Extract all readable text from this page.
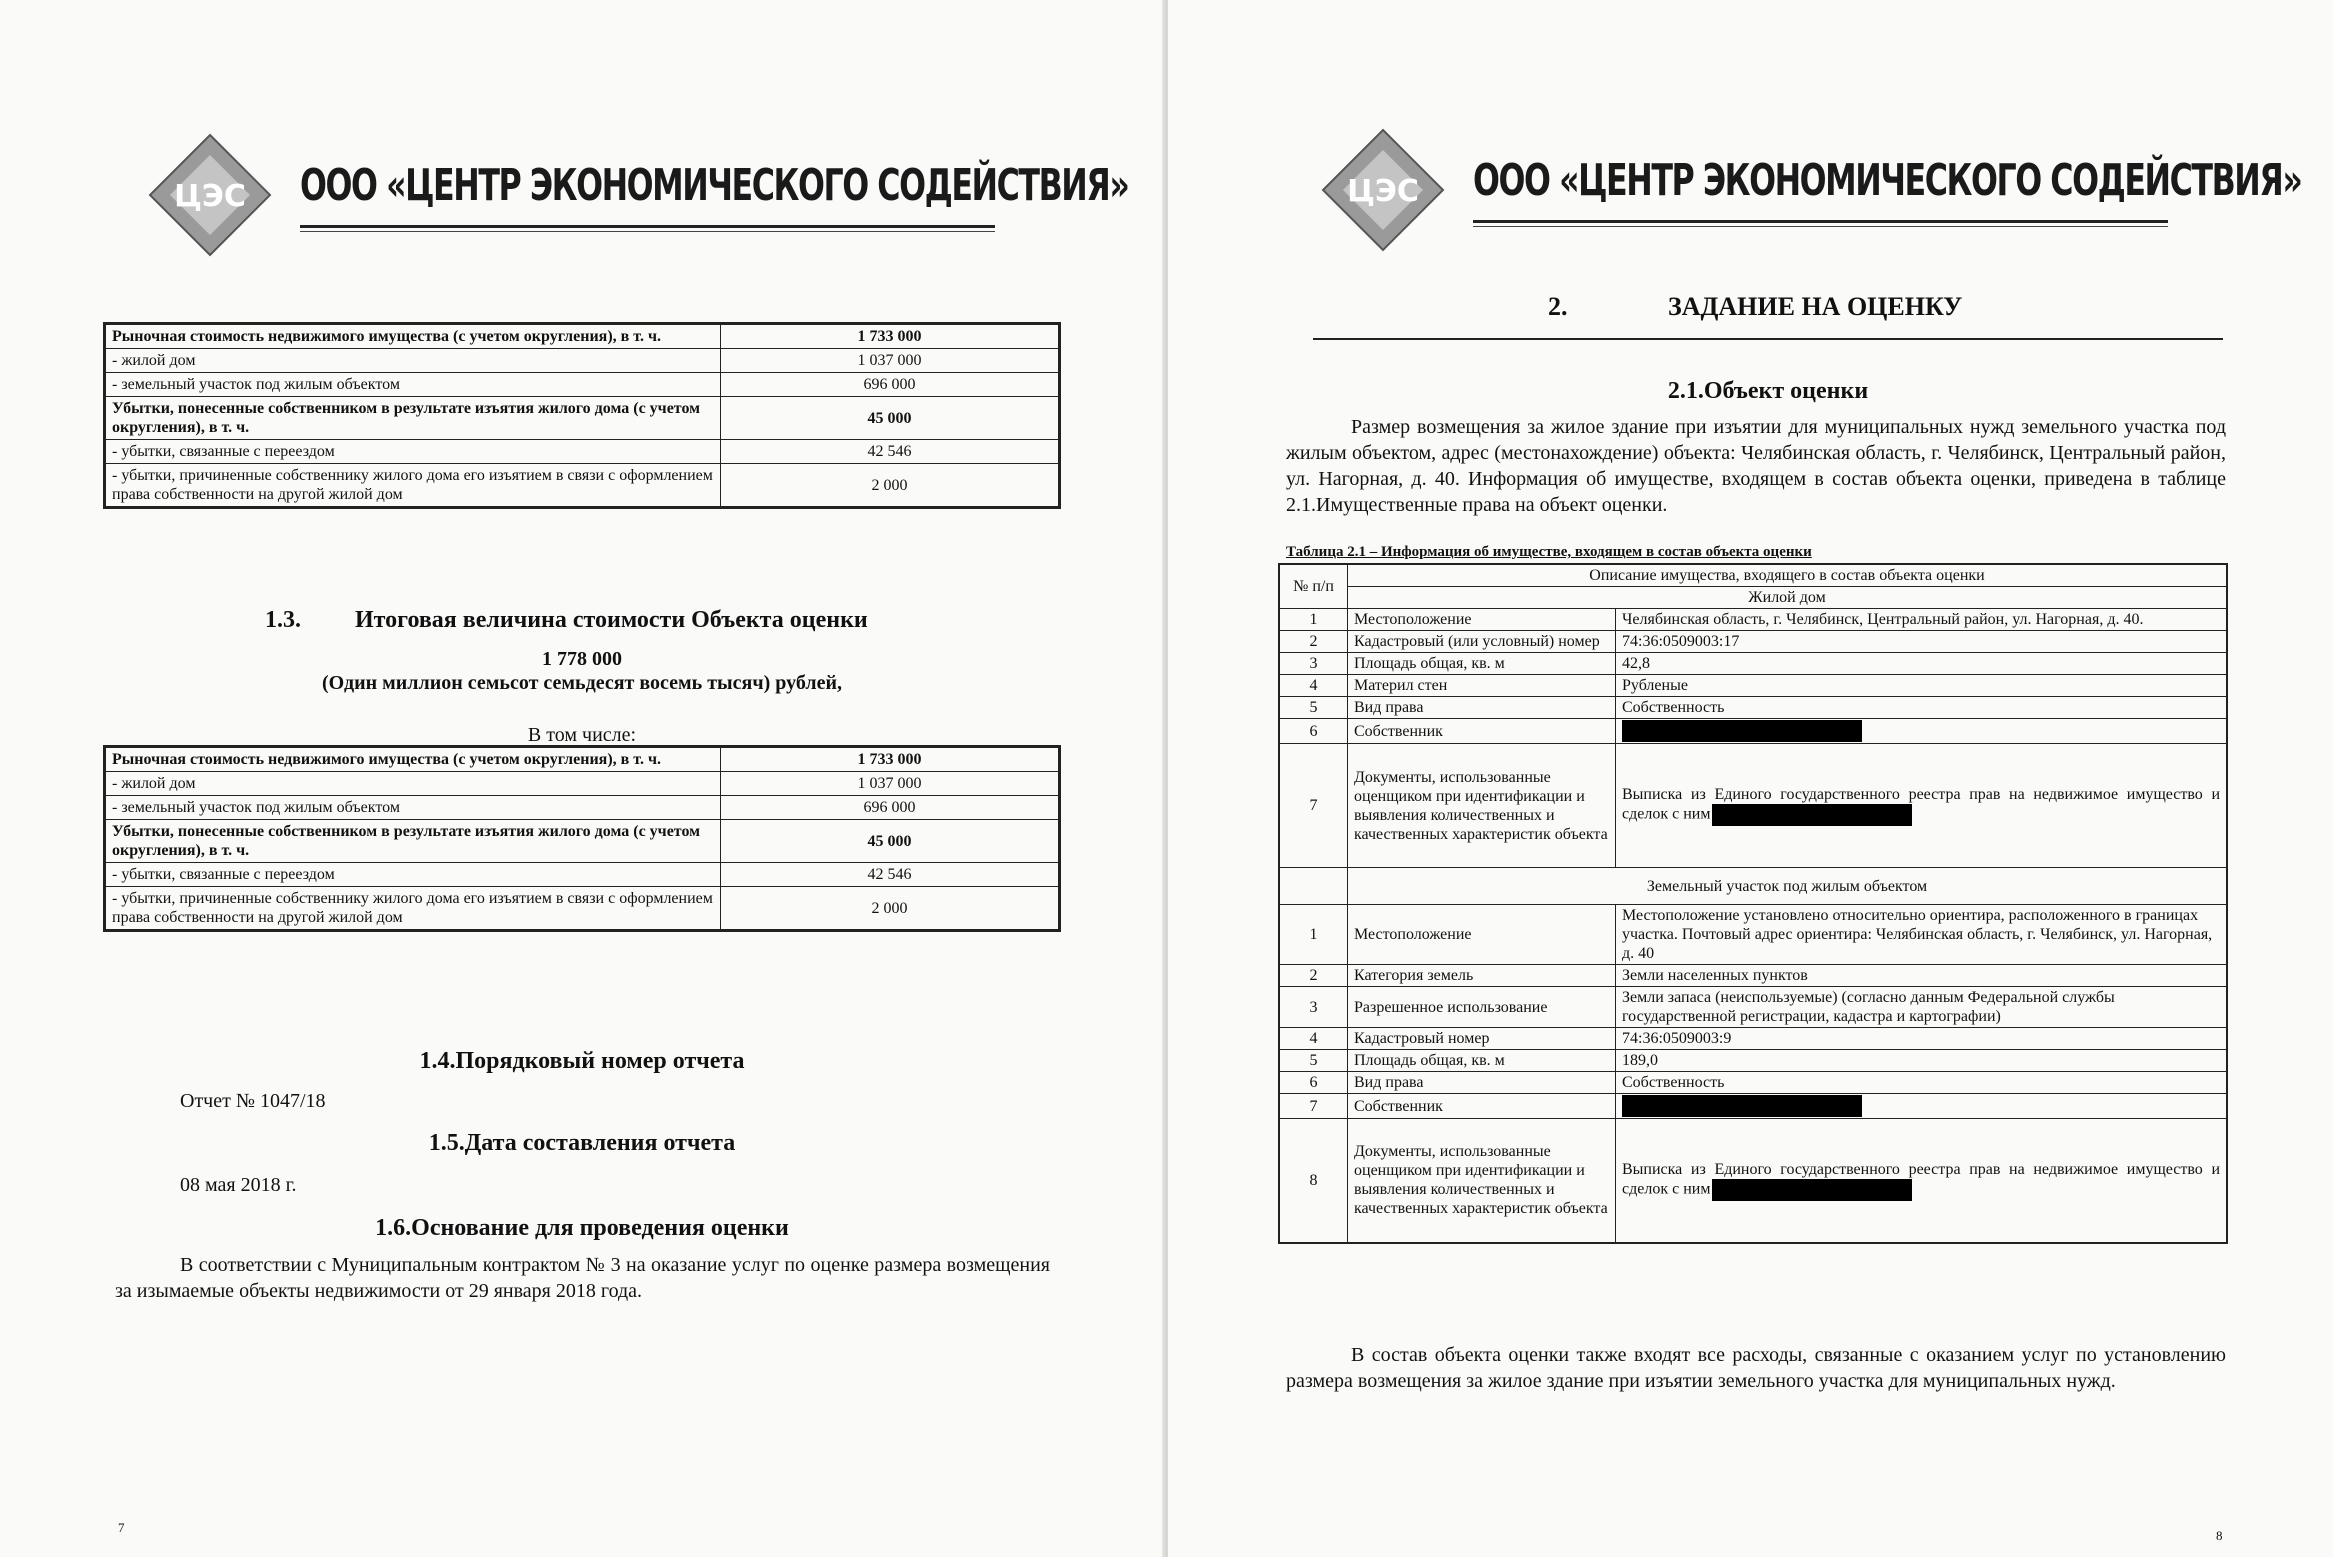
ЦЭС ООО «ЦЕНТР ЭКОНОМИЧЕСКОГО СОДЕЙСТВИЯ»
Рыночная стоимость недвижимого имущества (с учетом округления), в т. ч.	1 733 000
- жилой дом	1 037 000
- земельный участок под жилым объектом	696 000
Убытки, понесенные собственником в результате изъятия жилого дома (с учетом округления), в т. ч.	45 000
- убытки, связанные с переездом	42 546
- убытки, причиненные собственнику жилого дома его изъятием в связи с оформлением права собственности на другой жилой дом	2 000
1.3. Итоговая величина стоимости Объекта оценки
1 778 000
(Один миллион семьсот семьдесят восемь тысяч) рублей,
В том числе:
Рыночная стоимость недвижимого имущества (с учетом округления), в т. ч.	1 733 000
- жилой дом	1 037 000
- земельный участок под жилым объектом	696 000
Убытки, понесенные собственником в результате изъятия жилого дома (с учетом округления), в т. ч.	45 000
- убытки, связанные с переездом	42 546
- убытки, причиненные собственнику жилого дома его изъятием в связи с оформлением права собственности на другой жилой дом	2 000
1.4.Порядковый номер отчета
Отчет № 1047/18
1.5.Дата составления отчета
08 мая 2018 г.
1.6.Основание для проведения оценки
В соответствии с Муниципальным контрактом № 3 на оказание услуг по оценке размера возмещения за изымаемые объекты недвижимости от 29 января 2018 года.
7
ЦЭС ООО «ЦЕНТР ЭКОНОМИЧЕСКОГО СОДЕЙСТВИЯ»
2.	ЗАДАНИЕ НА ОЦЕНКУ
2.1.Объект оценки
Размер возмещения за жилое здание при изъятии для муниципальных нужд земельного участка под жилым объектом, адрес (местонахождение) объекта: Челябинская область, г. Челябинск, Центральный район, ул. Нагорная, д. 40. Информация об имуществе, входящем в состав объекта оценки, приведена в таблице 2.1.Имущественные права на объект оценки.
Таблица 2.1 – Информация об имуществе, входящем в состав объекта оценки
№ п/п	Описание имущества, входящего в состав объекта оценки	
	Жилой дом	
1	Местоположение	Челябинская область, г. Челябинск, Центральный район, ул. Нагорная, д. 40.
2	Кадастровый (или условный) номер	74:36:0509003:17
3	Площадь общая, кв. м	42,8
4	Материл стен	Рубленые
5	Вид права	Собственность
6	Собственник	
7	Документы, использованные оценщиком при идентификации и выявления количественных и качественных характеристик объекта	Выписка из Единого государственного реестра прав на недвижимое имущество и сделок с ним
	Земельный участок под жилым объектом	
1	Местоположение	Местоположение установлено относительно ориентира, расположенного в границах участка. Почтовый адрес ориентира: Челябинская область, г. Челябинск, ул. Нагорная, д. 40
2	Категория земель	Земли населенных пунктов
3	Разрешенное использование	Земли запаса (неиспользуемые) (согласно данным Федеральной службы государственной регистрации, кадастра и картографии)
4	Кадастровый номер	74:36:0509003:9
5	Площадь общая, кв. м	189,0
6	Вид права	Собственность
7	Собственник	
8	Документы, использованные оценщиком при идентификации и выявления количественных и качественных характеристик объекта	Выписка из Единого государственного реестра прав на недвижимое имущество и сделок с ним
В состав объекта оценки также входят все расходы, связанные с оказанием услуг по установлению размера возмещения за жилое здание при изъятии земельного участка для муниципальных нужд.
8
